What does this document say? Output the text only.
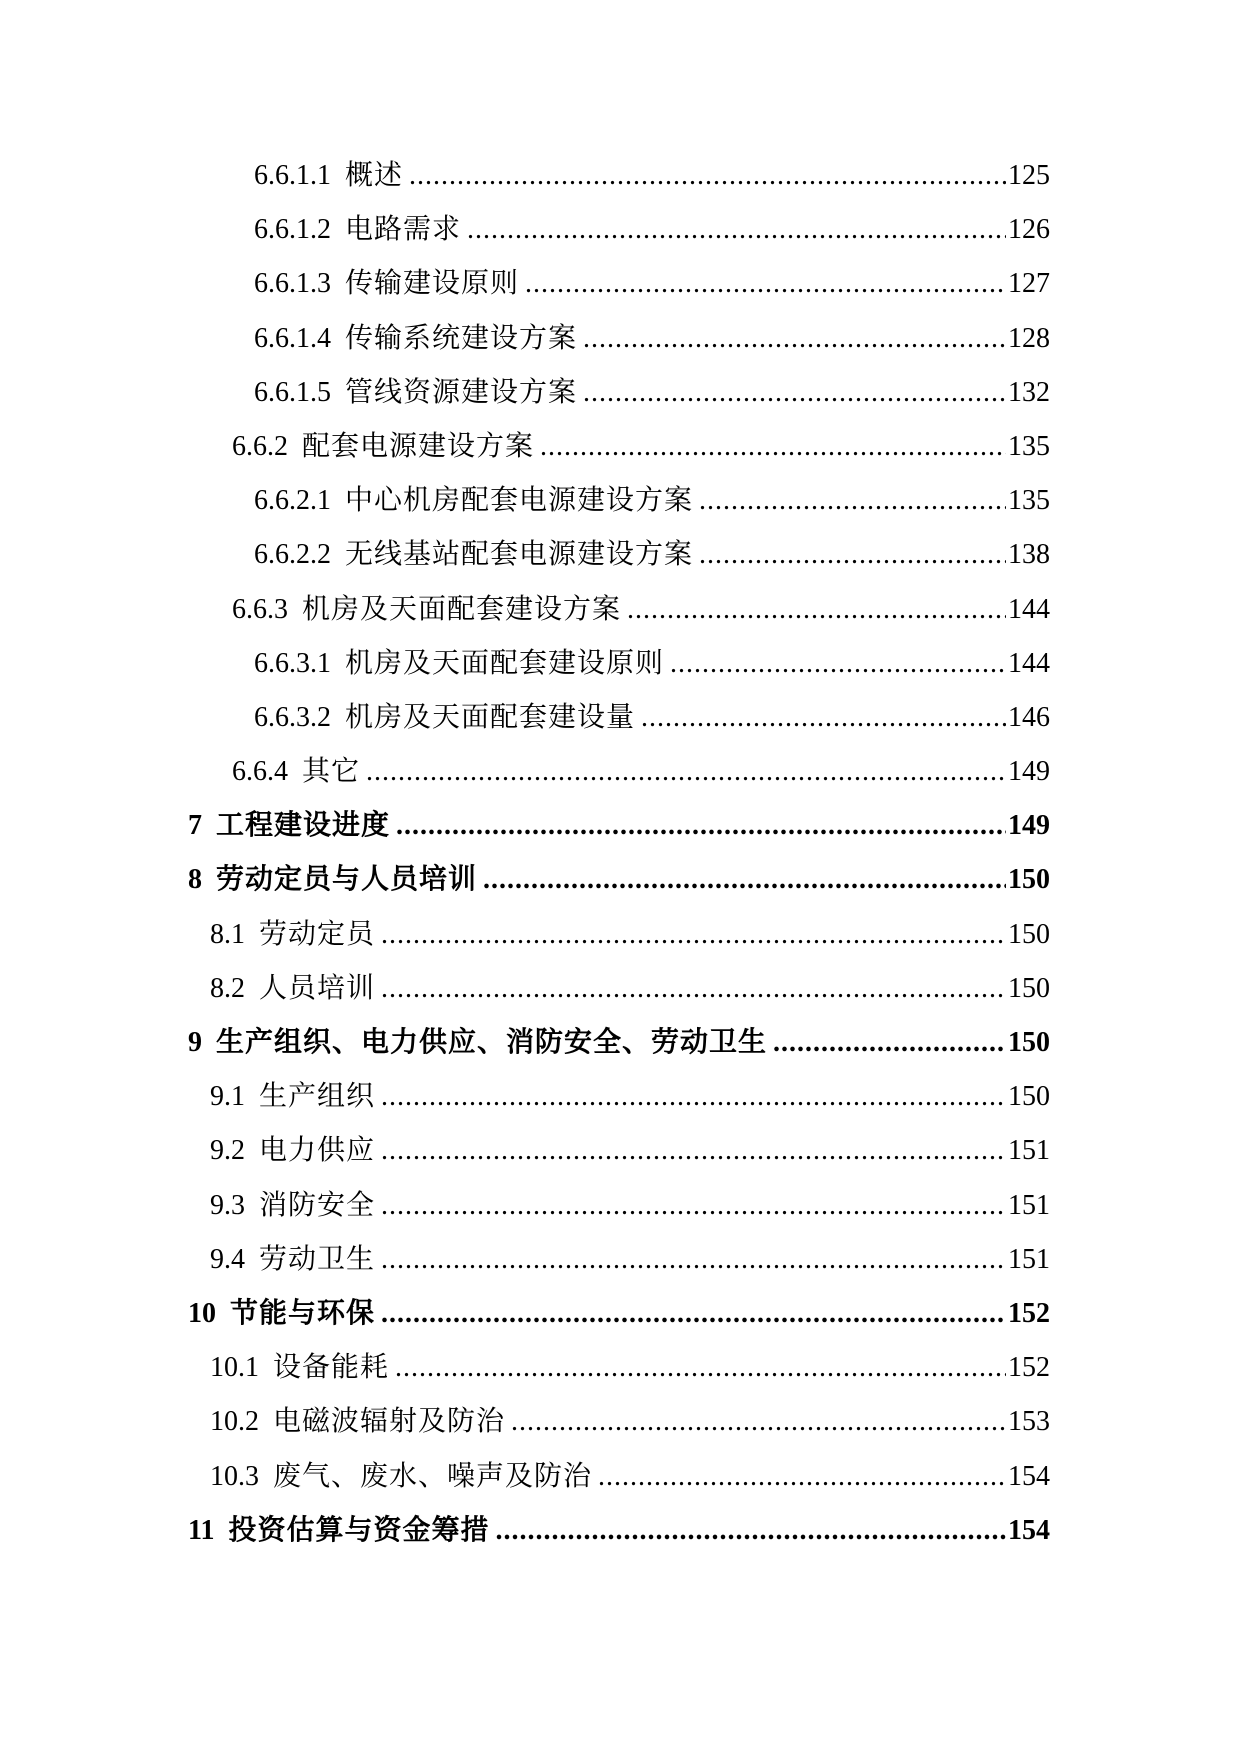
6.6.1.1 概述 .....	125
6.6.1.2 电路需求 .....	126
6.6.1.3 传输建设原则 .....	127
6.6.1.4 传输系统建设方案 .....	128
6.6.1.5 管线资源建设方案 .....	132
6.6.2 配套电源建设方案 .....	135
6.6.2.1 中心机房配套电源建设方案 .....	135
6.6.2.2 无线基站配套电源建设方案 .....	138
6.6.3 机房及天面配套建设方案 .....	144
6.6.3.1 机房及天面配套建设原则 .....	144
6.6.3.2 机房及天面配套建设量 .....	146
6.6.4 其它 .....	149
7 工程建设进度 .....	149
8 劳动定员与人员培训 .....	150
8.1 劳动定员 .....	150
8.2 人员培训 .....	150
9 生产组织、电力供应、消防安全、劳动卫生 .....	150
9.1 生产组织 .....	150
9.2 电力供应 .....	151
9.3 消防安全 .....	151
9.4 劳动卫生 .....	151
10 节能与环保 .....	152
10.1 设备能耗 .....	152
10.2 电磁波辐射及防治 .....	153
10.3 废气、废水、噪声及防治 .....	154
11 投资估算与资金筹措 .....	154
